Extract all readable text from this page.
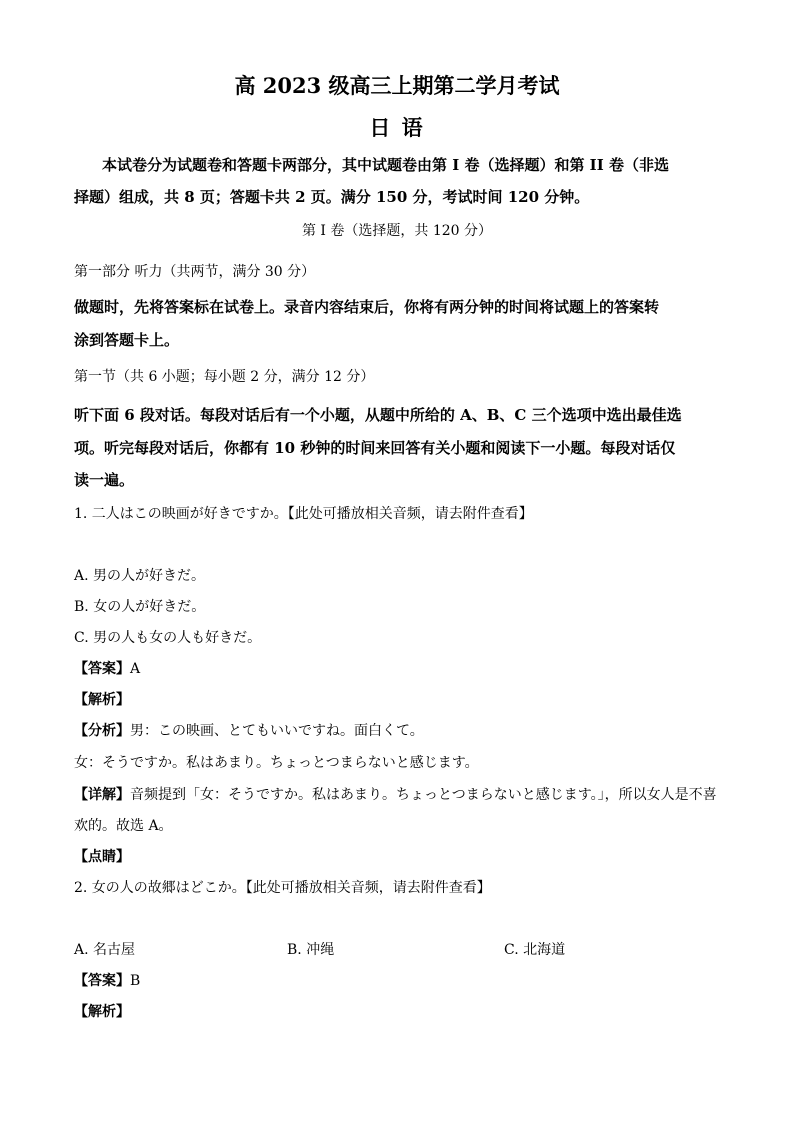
高 2023 级高三上期第二学月考试
日 语
本试卷分为试题卷和答题卡两部分，其中试题卷由第 I 卷（选择题）和第 II 卷（非选
择题）组成，共 8 页；答题卡共 2 页。满分 150 分，考试时间 120 分钟。
第 I 卷（选择题，共 120 分）
第一部分 听力（共两节，满分 30 分）
做题时，先将答案标在试卷上。录音内容结束后，你将有两分钟的时间将试题上的答案转
涂到答题卡上。
第一节（共 6 小题；每小题 2 分，满分 12 分）
听下面 6 段对话。每段对话后有一个小题，从题中所给的 A、B、C 三个选项中选出最佳选
项。听完每段对话后，你都有 10 秒钟的时间来回答有关小题和阅读下一小题。每段对话仅
读一遍。
1. 二人はこの映画が好きですか。【此处可播放相关音频，请去附件查看】
A. 男の人が好きだ。
B. 女の人が好きだ。
C. 男の人も女の人も好きだ。
【答案】A
【解析】
【分析】男：この映画、とてもいいですね。面白くて。
女：そうですか。私はあまり。ちょっとつまらないと感じます。
【详解】音频提到「女：そうですか。私はあまり。ちょっとつまらないと感じます。」，所以女人是不喜
欢的。故选 A。
【点睛】
2. 女の人の故郷はどこか。【此处可播放相关音频，请去附件查看】
A. 名古屋	B. 冲绳	C. 北海道
【答案】B
【解析】
